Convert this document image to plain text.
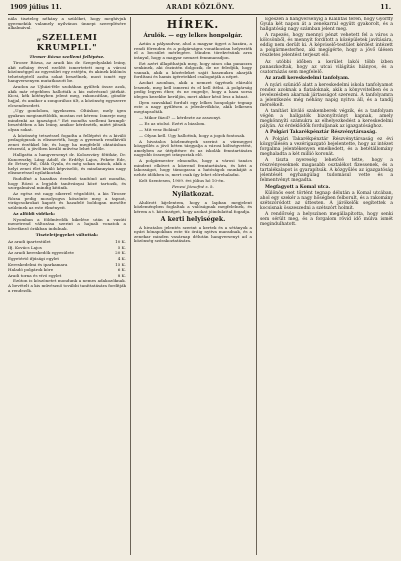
1909 július 11.	ARADI KÖZLÖNY.	11.

nála tiszteleg néhány a szülőket, hogy meghívjuk gyermekük valamely nyilvános ünnepi szereplésére alkalmával.

„SZELLEMI KRUMPLI."

Tiroser Rózsa szellemi fellépése.

Tiroser Rózsa, az aradi kis dr. Szegedyalakú leány, akit néhány évvel ezelőtt ismertetett meg a városi közönséggel az egyesület egy estéjén, és akinek különös tehetségéről azóta sokat beszélnek, most ismét egy hangversenyen mutatkozott be.

Aradon az Ujházi-féle szobában gyűltek össze azok, akik már régebben hallották a kis művésznő játékát. Kicsi, kék kötényben jelent meg, rakoncátlan, göndör hajjal, és amikor a zongorához ült, a közönség egyszerre elcsendesedett.

„Ugy gondolom, igyekszem. Oltáskor, mely igen gyakran megismétlődik, mostan ezt kérem: Ismerje meg mindenki az igazságot." Ezt mondta szellemi krumpli-beszédében a kis leány, amikor kérdezték, miért játszik olyan sokat.

A közönség tetszéssel fogadta a fellépést és a kiváló pedagógusok is elismerték, hogy a gyermek rendkívüli zenei érzékkel bír, és hogy ha megfelelő oktatásban részesül, a jövőben kiváló művész lehet belőle.

Hallgatta a hangversenyt dr. Kolozsváry főtitkár, Dr. Kunowszky, Láng Adolf, dr. Erdélyi Lajos, Fekete Ede, dr. Ertsey Pál, Oláh Gyula, és még sokan mások, akik a helyi zenei élet kiváló képviselői, és mindannyian nagy elismeréssel nyilatkoztak.

Rudolfné a hazafias érzelmű tanítónő azt mondta, hogy Rózsi a legjobb tanítványai közé tartozik, és szorgalmával mindig kitűnik.

Az egész est nagy sikerrel végződött, a kis Tiroser Rózsa pedig mosolyogva köszönte meg a tapsot, virágcsokrokat kapott és hazafelé boldogan mesélte szüleinek az este élményeit.

Az alföldi vidékek:

Nyomban a földmívelők kikelése után a vasúti menetrend változása szerint a hajnali vonatok a következő órákban indulnak.

Tiszteletjegyeket váltottak:

Az aradi ipartestület	10 K.
Ifj. Kovács Lajos	5 K.
Az aradi kereskedők egyesülete	20 K.
Egyetértő ifjúsági egylet	4 K.
Kereskedelmi és iparkamara	15 K.
Haladó polgárok köre	6 K.
Aradi torna és vívó egylet	8 K.

Ezúton is köszönetet mondunk a nemes adakozóknak. A bevételt a kis művésznő további taníttatására fordítják a rendezők.

HÍREK.

Árulók. — egy lelkes honpolgár.

Aztán a pályaudvar, ahol a magyar ügyet a hazára, a rendi főrenden és a polgárságra vonatkozóan helyezték el a becsület mérlegére. Minden törekvésünk arra irányul, hogy a magyar nemzet fennmaradjon.

Ezt azért állapíthatjuk meg, hogy nincs oka panaszra senkinek, aki őszintén dolgozik, de ne feledjük, hogy vannak, akik a közérdeket saját hasznukra akarják fordítani és hamis igéretekkel csalogatják a népet.

Azokat azonban, akik a nemzet ügyének elárulói lesznek, meg kell ismerni és el kell ítélni. A polgárság pedig legyen éber, és ne engedje, hogy a haza sorsa idegen kezekbe kerüljön, mert akkor késő lesz a bánat.

Ilyen szavakkal fordult egy lelkes honpolgár tegnap este a nagy gyűlésen a jelenlevőkhöz, akik lelkesen megtapsolták.

— Mikor fázol? — kérdezte az asszonyt.

— Ez az utolsó. Ezért a bizalom.

— Mit vesz Boláná?

— Olyan kell. Ugy hallottuk, hogy a jogok fontosak.

A hivatalos közlemények szerint a vármegyei közgyűlés a jövő héten tárgyalja a városi költségvetést, amelyben az útépítésre és az iskolák fenntartására nagyobb összeget irányoztak elő.

A polgármester elmondta, hogy a városi tanács mindent elkövet a közrend fenntartására, és kéri a lakosságot, hogy támogassa a hatóságok munkáját a nehéz időkben is, mert csak így lehet előrehaladni.

Kelt Szentesen, 1909. évi július hó 10-én.

Fenesi Józsefné s. k.

Nyilatkozat.

Alulírott kijelentem, hogy a lapban megjelent közleményben foglaltak a valóságnak megfelelnek, és kérem a t. közönséget, hogy azokat jóindulattal fogadja.

A kerti helyiségek.

A hivatalos jelentés szerint a kertek és a sétányok a nyári hónapokban este tíz óráig nyitva maradnak, és a zenekar minden vasárnap délután hangversenyt ad a közönség szórakoztatására.

Egészen a hangversenyig a Kiállítás terén, hogy Győrffy Gyula két napon át a zenekarral együtt gyakorolt, és a hallgatóság nagy számban jelent meg.

A rapezés, hogy mennyi pénzt vehetett fel a város a kölcsönből, és mennyit fordított a középületek javítására, eddig nem derült ki. A képviselő-testület kérdést intézett a polgármesterhez, aki megígérte, hogy a jövő ülésen részletes jelentést terjeszt elő.

Az utóbbi időben a kerület lakói több ízben panaszkodtak, hogy az utcai világítás hiányos, és a csatornázás sem megfelelő.

Az aradi kereskedelmi tanfolyam.

A nyári szünidő alatt a kereskedelmi iskola tanfolyamot rendez azoknak a fiataloknak, akik a könyvvitelben és a levelezésben akarnak jártasságot szerezni. A tanfolyamra a jelentkezés még néhány napig nyitva áll, és a tandíj mérsékelt.

A tanítást kiváló szakemberek végzik, és a tanfolyam végén a hallgatók bizonyítványt kapnak, amely megkönnyíti számukra az elhelyezkedést a kereskedelmi pályán. Az érdeklődők forduljanak az igazgatósághoz.

A Polgári Takarékpénztár Részvénytársaság.

A Polgári Takarékpénztár Részvénytársaság ez évi közgyűlésén a vezérigazgató bejelentette, hogy az intézet forgalma jelentékenyen emelkedett, és a betétállomány meghaladta a két millió koronát.

A tiszta nyereség lehetővé tette, hogy a részvényeseknek magasabb osztalékot fizessenek, és a tartalékalapot is gyarapítsák. A közgyűlés az igazgatóság jelentését egyhangúlag tudomásul vette és a felmentvényt megadta.

Megfagyott a Komal utca.

Különös eset történt tegnap délután a Komal utcában, ahol egy szekér a nagy hőségben felborult, és a rakomány szétszóródott az úttesten. A járókelők segítettek a kocsisnak összeszedni a szétszórt holmit.

A rendőrség a helyszínen megállapította, hogy senki sem sérült meg, és a forgalom rövid idő múlva ismét megindulhatott.
